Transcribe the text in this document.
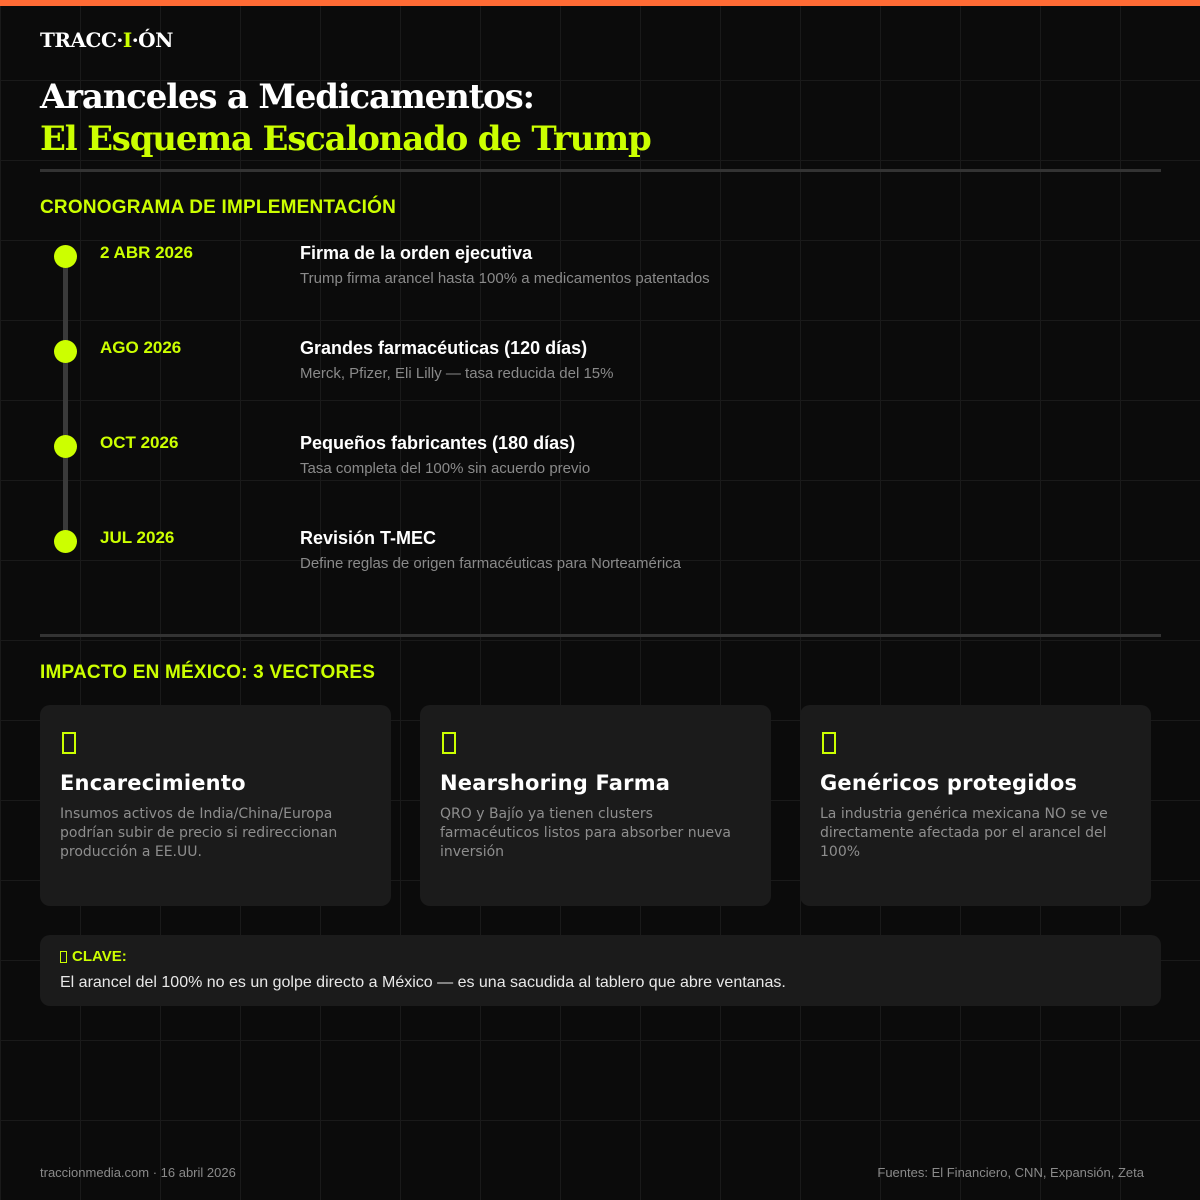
TRACC·I·ÓN
Aranceles a Medicamentos:
El Esquema Escalonado de Trump
CRONOGRAMA DE IMPLEMENTACIÓN
2 ABR 2026	Firma de la orden ejecutiva
Trump firma arancel hasta 100% a medicamentos patentados
AGO 2026	Grandes farmacéuticas (120 días)
Merck, Pfizer, Eli Lilly — tasa reducida del 15%
OCT 2026	Pequeños fabricantes (180 días)
Tasa completa del 100% sin acuerdo previo
JUL 2026	Revisión T-MEC
Define reglas de origen farmacéuticas para Norteamérica
IMPACTO EN MÉXICO: 3 VECTORES
Encarecimiento
Insumos activos de India/China/Europa podrían subir de precio si redireccionan producción a EE.UU.
Nearshoring Farma
QRO y Bajío ya tienen clusters farmacéuticos listos para absorber nueva inversión
Genéricos protegidos
La industria genérica mexicana NO se ve directamente afectada por el arancel del 100%
CLAVE:
El arancel del 100% no es un golpe directo a México — es una sacudida al tablero que abre ventanas.
traccionmedia.com · 16 abril 2026	Fuentes: El Financiero, CNN, Expansión, Zeta
